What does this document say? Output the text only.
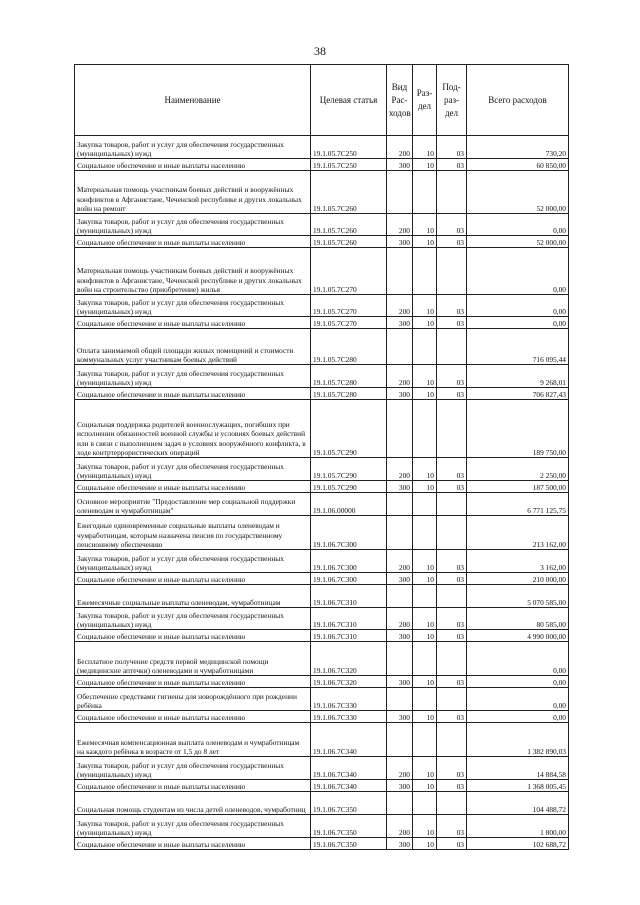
38
Наименование	Целевая статья	Вид Рас- ходов	Раз- дел	Под- раз- дел	Всего расходов
Закупка товаров, работ и услуг для обеспечения государственных (муниципальных) нужд	19.1.05.7C250	200	10	03	730,20
Социальное обеспечение и иные выплаты населению	19.1.05.7C250	300	10	03	60 850,00
Материальная помощь участникам боевых действий и вооружённых конфликтов в Афганистане, Чеченской республике и других локальных войн на ремонт	19.1.05.7C260				52 000,00
Закупка товаров, работ и услуг для обеспечения государственных (муниципальных) нужд	19.1.05.7C260	200	10	03	0,00
Социальное обеспечение и иные выплаты населению	19.1.05.7C260	300	10	03	52 000,00
Материальная помощь участникам боевых действий и вооружённых конфликтов в Афганистане, Чеченской республике и других локальных войн на строительство (приобретение) жилья	19.1.05.7C270				0,00
Закупка товаров, работ и услуг для обеспечения государственных (муниципальных) нужд	19.1.05.7C270	200	10	03	0,00
Социальное обеспечение и иные выплаты населению	19.1.05.7C270	300	10	03	0,00
Оплата занимаемой общей площади жилых помещений и стоимости коммунальных услуг участникам боевых действий	19.1.05.7C280				716 095,44
Закупка товаров, работ и услуг для обеспечения государственных (муниципальных) нужд	19.1.05.7C280	200	10	03	9 268,01
Социальное обеспечение и иные выплаты населению	19.1.05.7C280	300	10	03	706 827,43
Социальная поддержка родителей военнослужащих, погибших при исполнении обязанностей военной службы и условиях боевых действий или в связи с выполнением задач в условиях вооружённого конфликта, в ходе контртеррористических операций	19.1.05.7C290				189 750,00
Закупка товаров, работ и услуг для обеспечения государственных (муниципальных) нужд	19.1.05.7C290	200	10	03	2 250,00
Социальное обеспечение и иные выплаты населению	19.1.05.7C290	300	10	03	187 500,00
Основное мероприятие "Предоставление мер социальной поддержки оленеводам и чумработницам"	19.1.06.00000				6 771 125,75
Ежегодные единовременные социальные выплаты оленеводам и чумработницам, которым назначена пенсия по государственному пенсионному обеспечению	19.1.06.7C300				213 162,00
Закупка товаров, работ и услуг для обеспечения государственных (муниципальных) нужд	19.1.06.7C300	200	10	03	3 162,00
Социальное обеспечение и иные выплаты населению	19.1.06.7C300	300	10	03	210 000,00
Ежемесячные социальные выплаты оленеводам, чумработницам	19.1.06.7C310				5 070 585,00
Закупка товаров, работ и услуг для обеспечения государственных (муниципальных) нужд	19.1.06.7C310	200	10	03	80 585,00
Социальное обеспечение и иные выплаты населению	19.1.06.7C310	300	10	03	4 990 000,00
Бесплатное получение средств первой медицинской помощи (медицинские аптечки) оленеводами и чумработницами	19.1.06.7C320				0,00
Социальное обеспечение и иные выплаты населению	19.1.06.7C320	300	10	03	0,00
Обеспечение средствами гигиены для новорождённого при рождении ребёнка	19.1.06.7C330				0,00
Социальное обеспечение и иные выплаты населению	19.1.06.7C330	300	10	03	0,00
Ежемесячная компенсационная выплата оленеводам и чумработницам на каждого ребёнка в возрасте от 1,5 до 8 лет	19.1.06.7C340				1 382 890,03
Закупка товаров, работ и услуг для обеспечения государственных (муниципальных) нужд	19.1.06.7C340	200	10	03	14 884,58
Социальное обеспечение и иные выплаты населению	19.1.06.7C340	300	10	03	1 368 005,45
Социальная помощь студентам из числа детей оленеводов, чумработниц	19.1.06.7C350				104 488,72
Закупка товаров, работ и услуг для обеспечения государственных (муниципальных) нужд	19.1.06.7C350	200	10	03	1 800,00
Социальное обеспечение и иные выплаты населению	19.1.06.7C350	300	10	03	102 688,72
